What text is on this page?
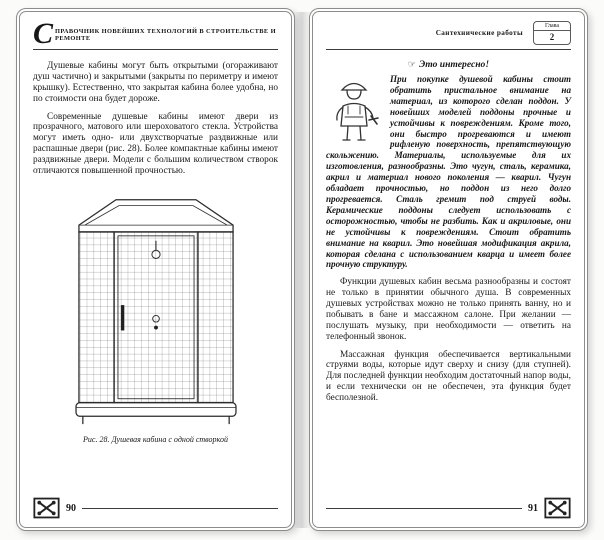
С ПРАВОЧНИК НОВЕЙШИХ ТЕХНОЛОГИЙ В СТРОИТЕЛЬСТВЕ И РЕМОНТЕ

Душевые кабины могут быть открытыми (огораживают душ частично) и закрытыми (закрыты по периметру и имеют крышку). Естественно, что закрытая кабина более удобна, но по стоимости она будет дороже.

Современные душевые кабины имеют двери из прозрачного, матового или шероховатого стекла. Устройства могут иметь одно- или двухстворчатые раздвижные или распашные двери (рис. 28). Более компактные кабины имеют раздвижные двери. Модели с большим количеством створок отличаются повышенной прочностью.

Рис. 28. Душевая кабина с одной створкой
90
Сантехнические работы
Глава
2
☞ Это интересно!
При покупке душевой кабины стоит обратить пристальное внимание на материал, из которого сделан поддон. У новейших моделей поддоны прочные и устойчивы к повреждениям. Кроме того, они быстро прогреваются и имеют рифленую поверхность, препятствующую скольжению. Материалы, используемые для их изготовления, разнообразны. Это чугун, сталь, керамика, акрил и материал нового поколения — кварил. Чугун обладает прочностью, но поддон из него долго прогревается. Сталь гремит под струей воды. Керамические поддоны следует использовать с осторожностью, чтобы не разбить. Как и акриловые, они не устойчивы к повреждениям. Стоит обратить внимание на кварил. Это новейшая модификация акрила, которая сделана с использованием кварца и имеет более прочную структуру.

Функции душевых кабин весьма разнообразны и состоят не только в принятии обычного душа. В современных душевых устройствах можно не только принять ванну, но и побывать в бане и массажном салоне. При желании — послушать музыку, при необходимости — ответить на телефонный звонок.

Массажная функция обеспечивается вертикальными струями воды, которые идут сверху и снизу (для ступней). Для последней функции необходим достаточный напор воды, и если технически он не обеспечен, эта функция будет бесполезной.

91
